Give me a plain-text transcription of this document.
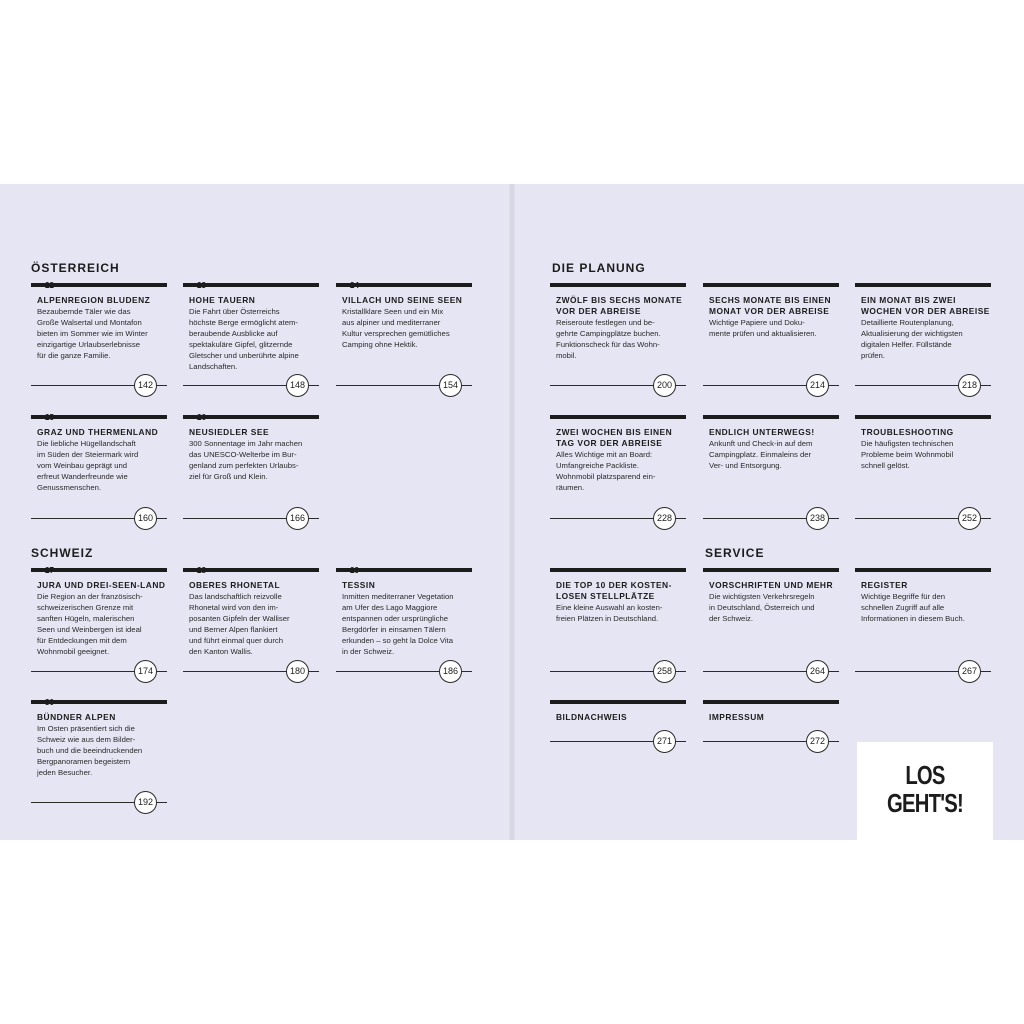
ÖSTERREICH
SCHWEIZ
DIE PLANUNG
SERVICE
22
ALPENREGION BLUDENZ
Bezaubernde Täler wie das
Große Walsertal und Montafon
bieten im Sommer wie im Winter
einzigartige Urlaubserlebnisse
für die ganze Familie.
142
23
HOHE TAUERN
Die Fahrt über Österreichs
höchste Berge ermöglicht atem-
beraubende Ausblicke auf
spektakuläre Gipfel, glitzernde
Gletscher und unberührte alpine
Landschaften.
148
24
VILLACH UND SEINE SEEN
Kristallklare Seen und ein Mix
aus alpiner und mediterraner
Kultur versprechen gemütliches
Camping ohne Hektik.
154
25
GRAZ UND THERMENLAND
Die liebliche Hügellandschaft
im Süden der Steiermark wird
vom Weinbau geprägt und
erfreut Wanderfreunde wie
Genussmenschen.
160
26
NEUSIEDLER SEE
300 Sonnentage im Jahr machen
das UNESCO-Welterbe im Bur-
genland zum perfekten Urlaubs-
ziel für Groß und Klein.
166
27
JURA UND DREI-SEEN-LAND
Die Region an der französisch-
schweizerischen Grenze mit
sanften Hügeln, malerischen
Seen und Weinbergen ist ideal
für Entdeckungen mit dem
Wohnmobil geeignet.
174
28
OBERES RHONETAL
Das landschaftlich reizvolle
Rhonetal wird von den im-
posanten Gipfeln der Walliser
und Berner Alpen flankiert
und führt einmal quer durch
den Kanton Wallis.
180
29
TESSIN
Inmitten mediterraner Vegetation
am Ufer des Lago Maggiore
entspannen oder ursprüngliche
Bergdörfer in einsamen Tälern
erkunden – so geht la Dolce Vita
in der Schweiz.
186
30
BÜNDNER ALPEN
Im Osten präsentiert sich die
Schweiz wie aus dem Bilder-
buch und die beeindruckenden
Bergpanoramen begeistern
jeden Besucher.
192
ZWÖLF BIS SECHS MONATE
VOR DER ABREISE
Reiseroute festlegen und be-
gehrte Campingplätze buchen.
Funktionscheck für das Wohn-
mobil.
200
SECHS MONATE BIS EINEN
MONAT VOR DER ABREISE
Wichtige Papiere und Doku-
mente prüfen und aktualisieren.
214
EIN MONAT BIS ZWEI
WOCHEN VOR DER ABREISE
Detaillierte Routenplanung,
Aktualisierung der wichtigsten
digitalen Helfer. Füllstände
prüfen.
218
ZWEI WOCHEN BIS EINEN
TAG VOR DER ABREISE
Alles Wichtige mit an Board:
Umfangreiche Packliste.
Wohnmobil platzsparend ein-
räumen.
228
ENDLICH UNTERWEGS!
Ankunft und Check-in auf dem
Campingplatz. Einmaleins der
Ver- und Entsorgung.
238
TROUBLESHOOTING
Die häufigsten technischen
Probleme beim Wohnmobil
schnell gelöst.
252
DIE TOP 10 DER KOSTEN-
LOSEN STELLPLÄTZE
Eine kleine Auswahl an kosten-
freien Plätzen in Deutschland.
258
VORSCHRIFTEN UND MEHR
Die wichtigsten Verkehrsregeln
in Deutschland, Österreich und
der Schweiz.
264
REGISTER
Wichtige Begriffe für den
schnellen Zugriff auf alle
Informationen in diesem Buch.
267
BILDNACHWEIS
271
IMPRESSUM
272
LOS
GEHT'S!
